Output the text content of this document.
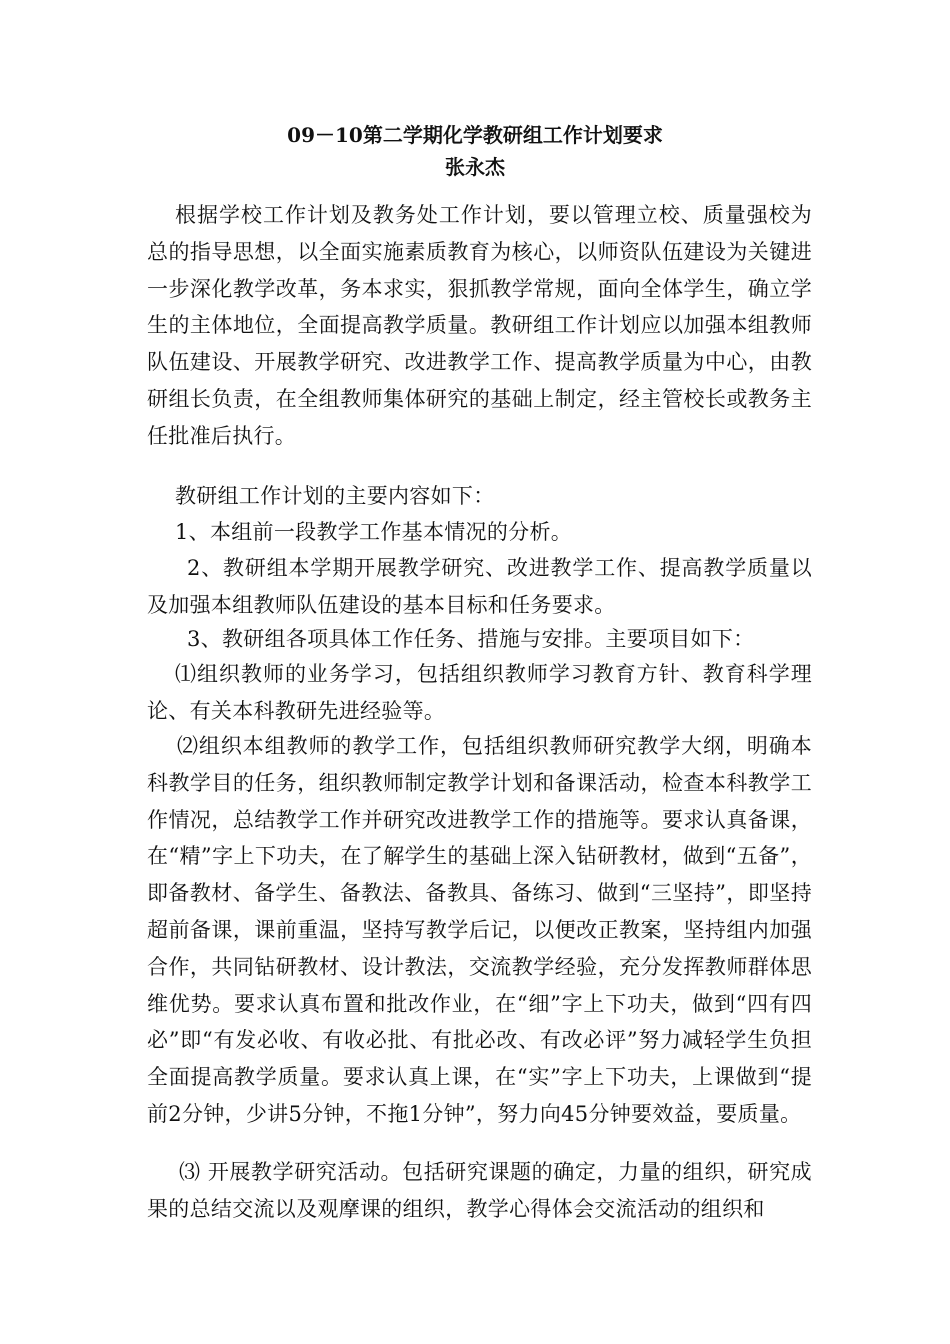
09－10第二学期化学教研组工作计划要求
张永杰

根据学校工作计划及教务处工作计划，要以管理立校、质量强校为总的指导思想，以全面实施素质教育为核心，以师资队伍建设为关键进一步深化教学改革，务本求实，狠抓教学常规，面向全体学生，确立学生的主体地位，全面提高教学质量。教研组工作计划应以加强本组教师队伍建设、开展教学研究、改进教学工作、提高教学质量为中心，由教研组长负责，在全组教师集体研究的基础上制定，经主管校长或教务主任批准后执行。

教研组工作计划的主要内容如下：

1、本组前一段教学工作基本情况的分析。

2、教研组本学期开展教学研究、改进教学工作、提高教学质量以及加强本组教师队伍建设的基本目标和任务要求。

3、教研组各项具体工作任务、措施与安排。主要项目如下：

⑴组织教师的业务学习，包括组织教师学习教育方针、教育科学理论、有关本科教研先进经验等。

⑵组织本组教师的教学工作，包括组织教师研究教学大纲，明确本科教学目的任务，组织教师制定教学计划和备课活动，检查本科教学工作情况，总结教学工作并研究改进教学工作的措施等。要求认真备课，在“精”字上下功夫，在了解学生的基础上深入钻研教材，做到“五备”，即备教材、备学生、备教法、备教具、备练习、做到“三坚持”，即坚持超前备课，课前重温，坚持写教学后记，以便改正教案，坚持组内加强合作，共同钻研教材、设计教法，交流教学经验，充分发挥教师群体思维优势。要求认真布置和批改作业，在“细”字上下功夫，做到“四有四必”即“有发必收、有收必批、有批必改、有改必评”努力减轻学生负担全面提高教学质量。要求认真上课，在“实”字上下功夫，上课做到“提前2分钟，少讲5分钟，不拖1分钟”，努力向45分钟要效益，要质量。

⑶ 开展教学研究活动。包括研究课题的确定，力量的组织，研究成果的总结交流以及观摩课的组织，教学心得体会交流活动的组织和
